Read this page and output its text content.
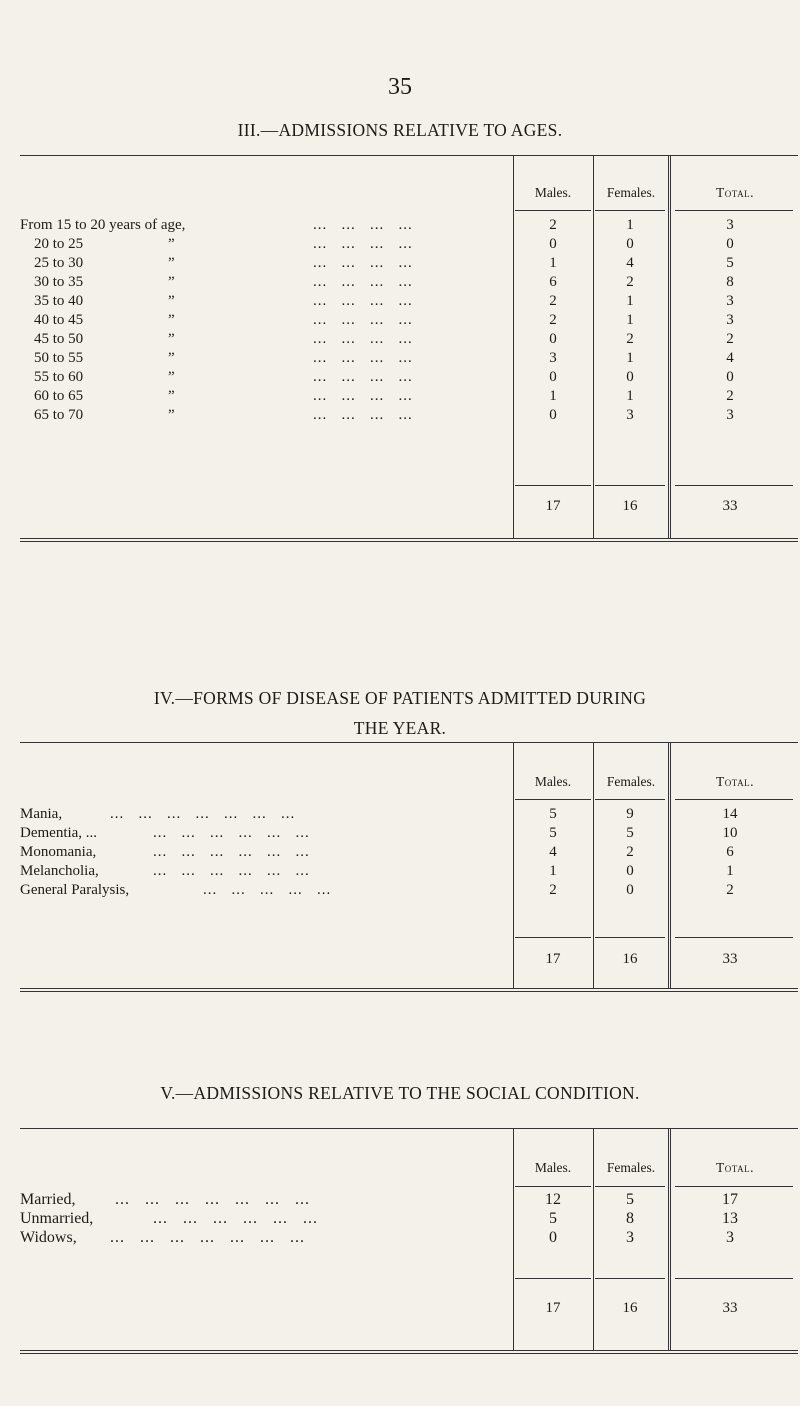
35
III.—ADMISSIONS RELATIVE TO AGES.
Males.	Females.	Total.
From 15 to 20 years of age,	...   ...   ...   ...	2	1	3
20 to 25	”	...   ...   ...   ...	0	0	0
25 to 30	”	...   ...   ...   ...	1	4	5
30 to 35	”	...   ...   ...   ...	6	2	8
35 to 40	”	...   ...   ...   ...	2	1	3
40 to 45	”	...   ...   ...   ...	2	1	3
45 to 50	”	...   ...   ...   ...	0	2	2
50 to 55	”	...   ...   ...   ...	3	1	4
55 to 60	”	...   ...   ...   ...	0	0	0
60 to 65	”	...   ...   ...   ...	1	1	2
65 to 70	”	...   ...   ...   ...	0	3	3
17	16	33
IV.—FORMS OF DISEASE OF PATIENTS ADMITTED DURING
THE YEAR.
Males.	Females.	Total.
Mania,	...   ...   ...   ...   ...   ...   ...	5	9	14
Dementia, ...	...   ...   ...   ...   ...   ...	5	5	10
Monomania,	...   ...   ...   ...   ...   ...	4	2	6
Melancholia,	...   ...   ...   ...   ...   ...	1	0	1
General Paralysis,	...   ...   ...   ...   ...	2	0	2
17	16	33
V.—ADMISSIONS RELATIVE TO THE SOCIAL CONDITION.
Males.	Females.	Total.
Married, ...   ...   ...   ...   ...   ...   ...	12	5	17
Unmarried,	...   ...   ...   ...   ...   ...	5	8	13
Widows, ...   ...   ...   ...   ...   ...   ...	0	3	3
17	16	33
